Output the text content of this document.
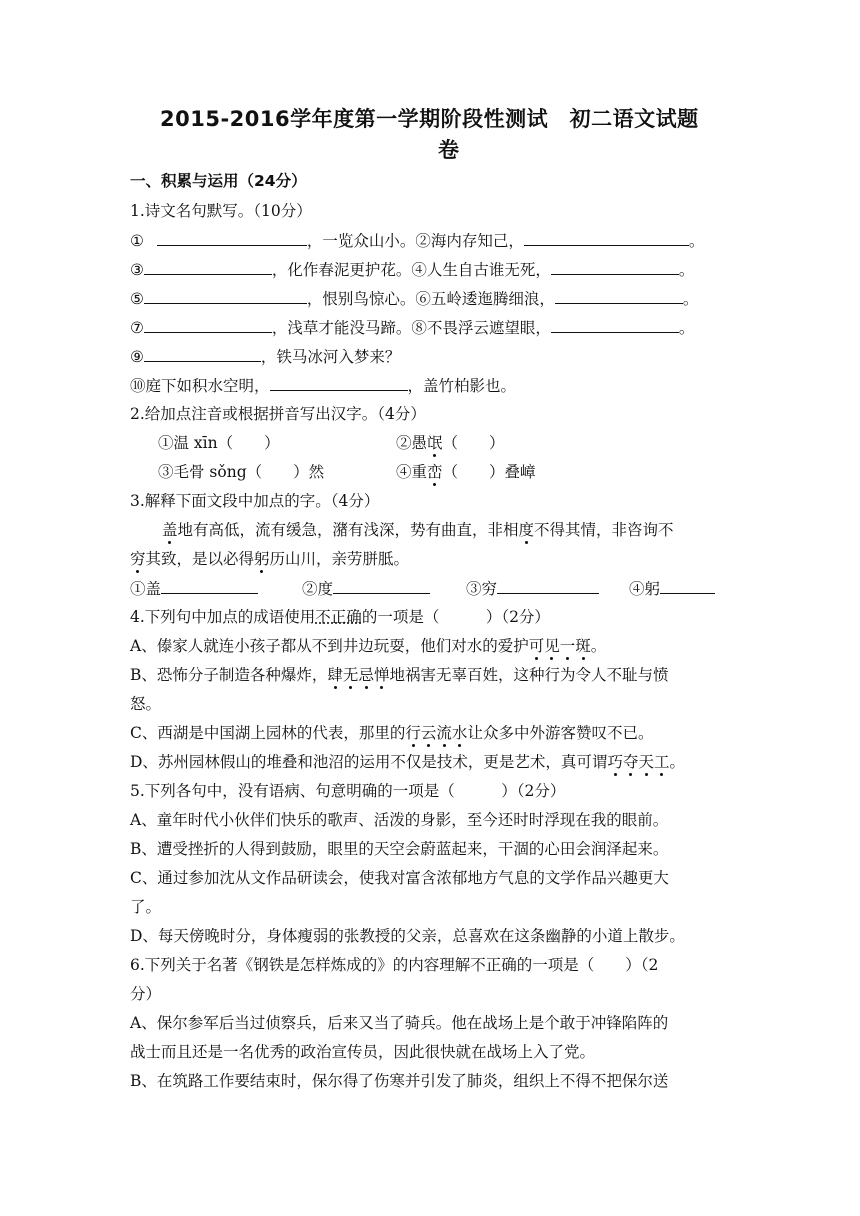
2015-2016学年度第一学期阶段性测试　初二语文试题
卷
一、积累与运用（24分）
1.诗文名句默写。（10分）
①	，一览众山小。②海内存知己，	。
③	，化作春泥更护花。④人生自古谁无死，	。
⑤	，恨别鸟惊心。⑥五岭逶迤腾细浪，	。
⑦	，浅草才能没马蹄。⑧不畏浮云遮望眼，	。
⑨	，铁马冰河入梦来？
⑩庭下如积水空明，	，盖竹柏影也。
2.给加点注音或根据拼音写出汉字。（4分）
①温 xīn（　　）	②愚氓（　　）
③毛骨 sǒng（　　）然	④重峦（　　）叠嶂
3.解释下面文段中加点的字。（4分）
盖地有高低，流有缓急，潴有浅深，势有曲直，非相度不得其情，非咨询不
穷其致，是以必得躬历山川，亲劳胼胝。
①盖	②度	③穷	④躬
4.下列句中加点的成语使用不正确的一项是（　　　）（2分）
A、傣家人就连小孩子都从不到井边玩耍，他们对水的爱护可见一斑。
B、恐怖分子制造各种爆炸，肆无忌惮地祸害无辜百姓，这种行为令人不耻与愤
怒。
C、西湖是中国湖上园林的代表，那里的行云流水让众多中外游客赞叹不已。
D、苏州园林假山的堆叠和池沼的运用不仅是技术，更是艺术，真可谓巧夺天工。
5.下列各句中，没有语病、句意明确的一项是（　　　）（2分）
A、童年时代小伙伴们快乐的歌声、活泼的身影，至今还时时浮现在我的眼前。
B、遭受挫折的人得到鼓励，眼里的天空会蔚蓝起来，干涸的心田会润泽起来。
C、通过参加沈从文作品研读会，使我对富含浓郁地方气息的文学作品兴趣更大
了。
D、每天傍晚时分，身体瘦弱的张教授的父亲，总喜欢在这条幽静的小道上散步。
6.下列关于名著《钢铁是怎样炼成的》的内容理解不正确的一项是（　　）（2
分）
A、保尔参军后当过侦察兵，后来又当了骑兵。他在战场上是个敢于冲锋陷阵的
战士而且还是一名优秀的政治宣传员，因此很快就在战场上入了党。
B、在筑路工作要结束时，保尔得了伤寒并引发了肺炎，组织上不得不把保尔送
